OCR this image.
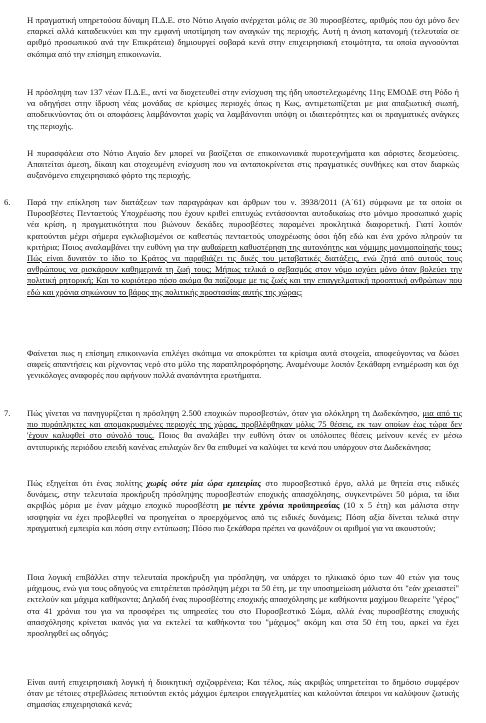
Η πραγματική υπηρετούσα δύναμη Π.Δ.Ε. στο Νότιο Αιγαίο ανέρχεται μόλις σε 30 πυροσβέστες, αριθμός που όχι μόνο δεν επαρκεί αλλά καταδεικνύει και την εμφανή υποτίμηση των αναγκών της περιοχής. Αυτή η άνιση κατανομή (τελευταία σε αριθμό προσωπικού ανά την Επικράτεια) δημιουργεί σοβαρά κενά στην επιχειρησιακή ετοιμότητα, τα οποία αγνοούνται σκόπιμα από την επίσημη επικοινωνία.

Η πρόσληψη των 137 νέων Π.Δ.Ε., αντί να διοχετευθεί στην ενίσχυση της ήδη υποστελεχωμένης 11ης ΕΜΟΔΕ στη Ρόδο ή να οδηγήσει στην ίδρυση νέας μονάδας σε κρίσιμες περιοχές όπως η Κως, αντιμετωπίζεται με μια απαξιωτική σιωπή, αποδεικνύοντας ότι οι αποφάσεις λαμβάνονται χωρίς να λαμβάνονται υπόψη οι ιδιαιτερότητες και οι πραγματικές ανάγκες της περιοχής.

Η πυρασφάλεια στο Νότιο Αιγαίο δεν μπορεί να βασίζεται σε επικοινωνιακά πυροτεχνήματα και αόριστες δεσμεύσεις. Απαιτείται άμεση, δίκαιη και στοχευμένη ενίσχυση που να ανταποκρίνεται στις πραγματικές συνθήκες και στον διαρκώς αυξανόμενο επιχειρησιακό φόρτο της περιοχής.

6.	Παρά την επίκληση των διατάξεων των παραγράφων και άρθρων του ν. 3938/2011 (Α΄61) σύμφωνα με τα οποία οι Πυροσβέστες Πενταετούς Υποχρέωσης που έχουν κριθεί επιτυχώς εντάσσονται αυτοδικαίως στο μόνιμο προσωπικό χωρίς νέα κρίση, η πραγματικότητα που βιώνουν δεκάδες πυροσβέστες παραμένει προκλητικά διαφορετική. Γιατί λοιπόν κρατούνται μέχρι σήμερα εγκλωβισμένοι σε καθεστώς πενταετούς υποχρέωσης όσοι ήδη εδώ και ένα χρόνο πληρούν τα κριτήρια; Ποιος αναλαμβάνει την ευθύνη για την αυθαίρετη καθυστέρηση της αυτονόητης και νόμιμης μονιμοποίησής τους; Πώς είναι δυνατόν το ίδιο το Κράτος να παραβιάζει τις δικές του μεταβατικές διατάξεις, ενώ ζητά από αυτούς τους ανθρώπους να ρισκάρουν καθημερινά τη ζωή τους; Μήπως τελικά ο σεβασμός στον νόμο ισχύει μόνο όταν βολεύει την πολιτική ρητορική; Και το κυριότερο πόσο ακόμα θα παίζουμε με τις ζωές και την επαγγελματική προοπτική ανθρώπων που εδώ και χρόνια σηκώνουν το βάρος της πολιτικής προστασίας αυτής της χώρας;

Φαίνεται πως η επίσημη επικοινωνία επιλέγει σκόπιμα να αποκρύπτει τα κρίσιμα αυτά στοιχεία, αποφεύγοντας να δώσει σαφείς απαντήσεις και ρίχνοντας νερό στο μύλο της παραπληροφόρησης. Αναμένουμε λοιπόν ξεκάθαρη ενημέρωση και όχι γενικόλογες αναφορές που αφήνουν πολλά αναπάντητα ερωτήματα.

7.	Πώς γίνεται να πανηγυρίζεται η πρόσληψη 2.500 εποχικών πυροσβεστών, όταν για ολόκληρη τη Δωδεκάνησο, μια από τις πιο πυρόπληκτες και απομακρυσμένες περιοχές της χώρας, προβλέφθηκαν μόλις 75 θέσεις, εκ των οποίων έως τώρα δεν 'έχουν καλυφθεί στο σύνολό τους. Ποιος θα αναλάβει την ευθύνη όταν οι υπόλοιπες θέσεις μείνουν κενές εν μέσω αντιπυρικής περιόδου επειδή κανένας επιλαχών δεν θα επιθυμεί να καλύψει τα κενά που υπάρχουν στα Δωδεκάνησα;

Πώς εξηγείται ότι ένας πολίτης χωρίς ούτε μία ώρα εμπειρίας στο πυροσβεστικό έργο, αλλά με θητεία στις ειδικές δυνάμεις, στην τελευταία προκήρυξη πρόσληψης πυροσβεστών εποχικής απασχόλησης, συγκεντρώνει 50 μόρια, τα ίδια ακριβώς μόρια με έναν μάχιμο εποχικό πυροσβέστη με πέντε χρόνια προϋπηρεσίας (10 x 5 έτη) και μάλιστα στην ισοψηφία να έχει προβλεφθεί να προηγείται ο προερχόμενος από τις ειδικές δυνάμεις; Πόση αξία δίνεται τελικά στην πραγματική εμπειρία και πόση στην εντύπωση; Πόσο πιο ξεκάθαρα πρέπει να φωνάξουν οι αριθμοί για να ακουστούν;

Ποια λογική επιβάλλει στην τελευταία προκήρυξη για πρόσληψη, να υπάρχει το ηλικιακό όριο των 40 ετών για τους μάχιμους, ενώ για τους οδηγούς να επιτρέπεται πρόσληψη μέχρι τα 50 έτη, με την υποσημείωση μάλιστα ότι "εάν χρειαστεί" εκτελούν και μάχιμα καθήκοντα; Δηλαδή ένας πυροσβέστης εποχικής απασχόλησης με καθήκοντα μαχίμου θεωρείτε "γέρος" στα 41 χρόνια του για να προσφέρει τις υπηρεσίες του στο Πυροσβεστικό Σώμα, αλλά ένας πυροσβέστης εποχικής απασχόλησης κρίνεται ικανός για να εκτελεί τα καθήκοντα του "μάχιμος" ακόμη και στα 50 έτη του, αρκεί να έχει προσληφθεί ως οδηγός;

Είναι αυτή επιχειρησιακή λογική ή διοικητική σχιζοφρένεια; Και τέλος, πώς ακριβώς υπηρετείται το δημόσιο συμφέρον όταν με τέτοιες στρεβλώσεις πετιούνται εκτός μάχιμοι έμπειροι επαγγελματίες και καλούνται άπειροι να καλύψουν ζωτικής σημασίας επιχειρησιακά κενά;
